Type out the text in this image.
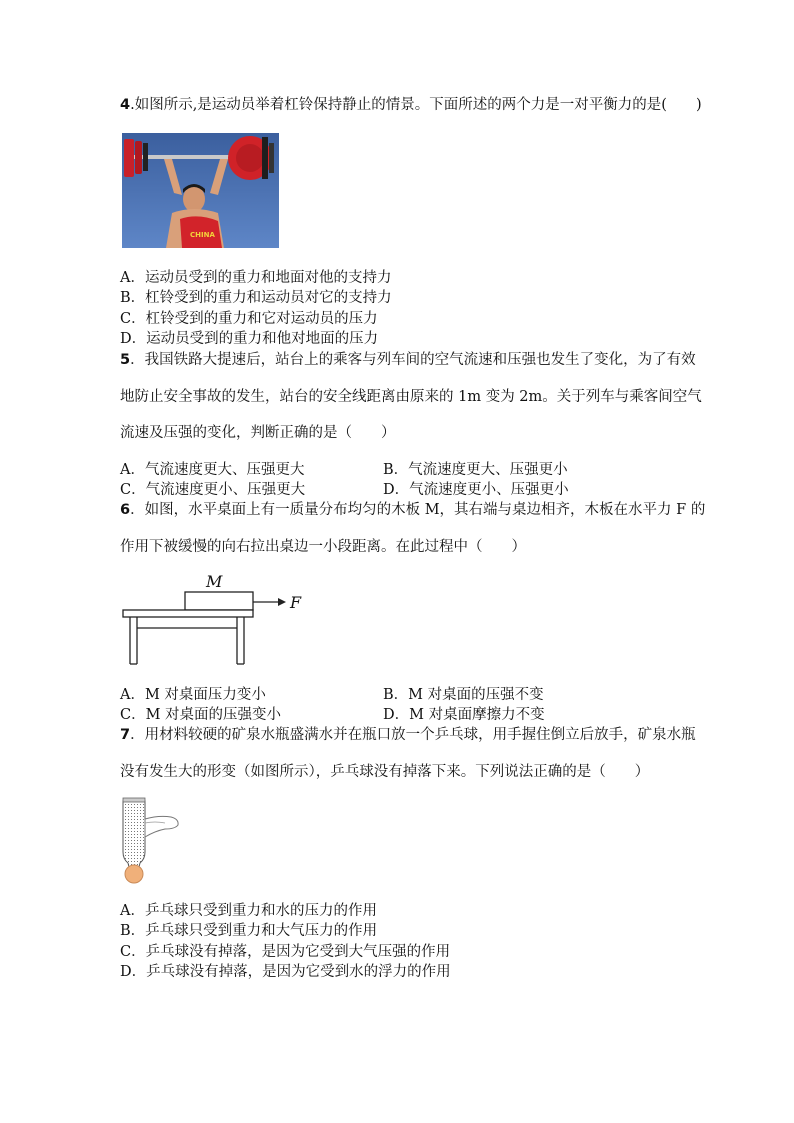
4.如图所示,是运动员举着杠铃保持静止的情景。下面所述的两个力是一对平衡力的是(　　)
CHINA
A．运动员受到的重力和地面对他的支持力
B．杠铃受到的重力和运动员对它的支持力
C．杠铃受到的重力和它对运动员的压力
D．运动员受到的重力和他对地面的压力
5．我国铁路大提速后，站台上的乘客与列车间的空气流速和压强也发生了变化，为了有效
地防止安全事故的发生，站台的安全线距离由原来的 1m 变为 2m。关于列车与乘客间空气
流速及压强的变化，判断正确的是（　　）
A．气流速度更大、压强更大	B．气流速度更大、压强更小
C．气流速度更小、压强更大	D．气流速度更小、压强更小
6．如图，水平桌面上有一质量分布均匀的木板 M，其右端与桌边相齐，木板在水平力 F 的
作用下被缓慢的向右拉出桌边一小段距离。在此过程中（　　）
M
F
A．M 对桌面压力变小	B．M 对桌面的压强不变
C．M 对桌面的压强变小	D．M 对桌面摩擦力不变
7．用材料较硬的矿泉水瓶盛满水并在瓶口放一个乒乓球，用手握住倒立后放手，矿泉水瓶
没有发生大的形变（如图所示），乒乓球没有掉落下来。下列说法正确的是（　　）
A．乒乓球只受到重力和水的压力的作用
B．乒乓球只受到重力和大气压力的作用
C．乒乓球没有掉落，是因为它受到大气压强的作用
D．乒乓球没有掉落，是因为它受到水的浮力的作用
